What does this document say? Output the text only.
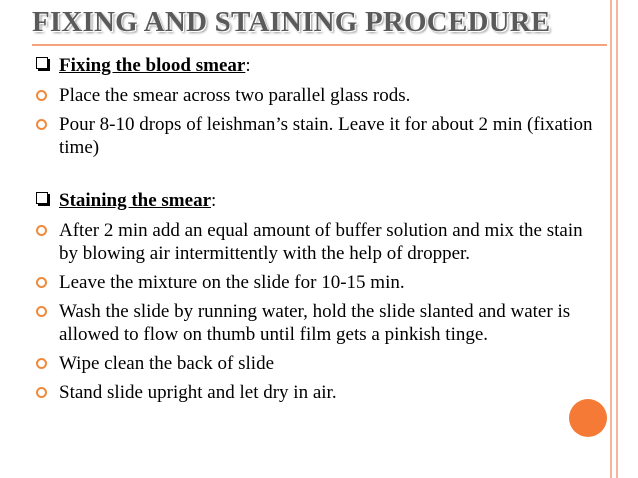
FIXING AND STAINING PROCEDURE
Fixing the blood smear:
Place the smear across two parallel glass rods.
Pour 8-10 drops of leishman’s stain. Leave it for about 2 min (fixation time)
Staining the smear:
After 2 min add an equal amount of buffer solution and mix the stain by blowing air intermittently with the help of dropper.
Leave the mixture on the slide for 10-15 min.
Wash the slide by running water, hold the slide slanted and water is allowed to flow on thumb until film gets a pinkish tinge.
Wipe clean the back of slide
Stand slide upright and let dry in air.
